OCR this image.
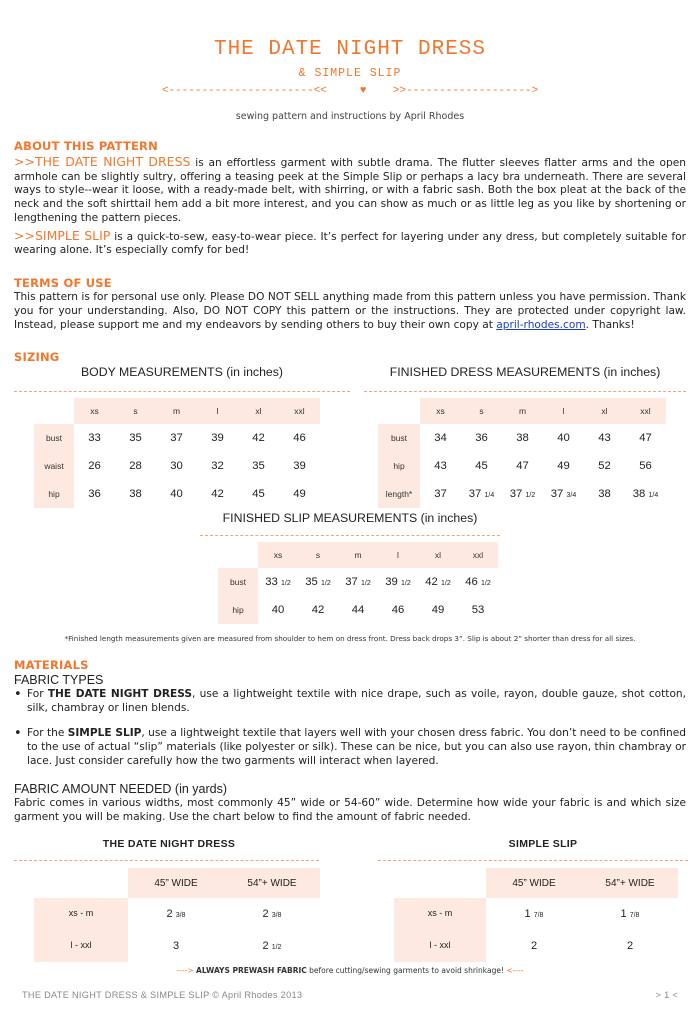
THE DATE NIGHT DRESS
& SIMPLE SLIP
<----------------------<<	♥ >>------------------->
sewing pattern and instructions by April Rhodes
ABOUT THIS PATTERN

>>THE DATE NIGHT DRESS is an effortless garment with subtle drama. The flutter sleeves flatter arms and the open armhole can be slightly sultry, offering a teasing peek at the Simple Slip or perhaps a lacy bra underneath. There are several ways to style--wear it loose, with a ready-made belt, with shirring, or with a fabric sash. Both the box pleat at the back of the neck and the soft shirttail hem add a bit more interest, and you can show as much or as little leg as you like by shortening or lengthening the pattern pieces.

>>SIMPLE SLIP is a quick-to-sew, easy-to-wear piece. It’s perfect for layering under any dress, but completely suitable for wearing alone. It’s especially comfy for bed!

TERMS OF USE

This pattern is for personal use only. Please DO NOT SELL anything made from this pattern unless you have permission. Thank you for your understanding. Also, DO NOT COPY this pattern or the instructions. They are protected under copyright law. Instead, please support me and my endeavors by sending others to buy their own copy at april-rhodes.com. Thanks!

SIZING
BODY MEASUREMENTS (in inches)
	xs	s	m	l	xl	xxl
bust	33	35	37	39	42	46
waist	26	28	30	32	35	39
hip	36	38	40	42	45	49
FINISHED DRESS MEASUREMENTS (in inches)
	xs	s	m	l	xl	xxl
bust	34	36	38	40	43	47
hip	43	45	47	49	52	56
length*	37	37 1/4	37 1/2	37 3/4	38	38 1/4
FINISHED SLIP MEASUREMENTS (in inches)
	xs	s	m	l	xl	xxl
bust	33 1/2	35 1/2	37 1/2	39 1/2	42 1/2	46 1/2
hip	40	42	44	46	49	53
*Finished length measurements given are measured from shoulder to hem on dress front. Dress back drops 3”. Slip is about 2” shorter than dress for all sizes.
MATERIALS
FABRIC TYPES
• For THE DATE NIGHT DRESS, use a lightweight textile with nice drape, such as voile, rayon, double gauze, shot cotton, silk, chambray or linen blends.
• For the SIMPLE SLIP, use a lightweight textile that layers well with your chosen dress fabric. You don’t need to be confined to the use of actual “slip” materials (like polyester or silk). These can be nice, but you can also use rayon, thin chambray or lace. Just consider carefully how the two garments will interact when layered.
FABRIC AMOUNT NEEDED (in yards)

Fabric comes in various widths, most commonly 45” wide or 54-60” wide. Determine how wide your fabric is and which size garment you will be making. Use the chart below to find the amount of fabric needed.

THE DATE NIGHT DRESS
	45” WIDE	54”+ WIDE
xs - m	2 3/8	2 3/8
l - xxl	3	2 1/2
SIMPLE SLIP
	45” WIDE	54”+ WIDE
xs - m	1 7/8	1 7/8
l - xxl	2	2
----> ALWAYS PREWASH FABRIC before cutting/sewing garments to avoid shrinkage! <----
THE DATE NIGHT DRESS & SIMPLE SLIP © April Rhodes 2013	> 1 <
